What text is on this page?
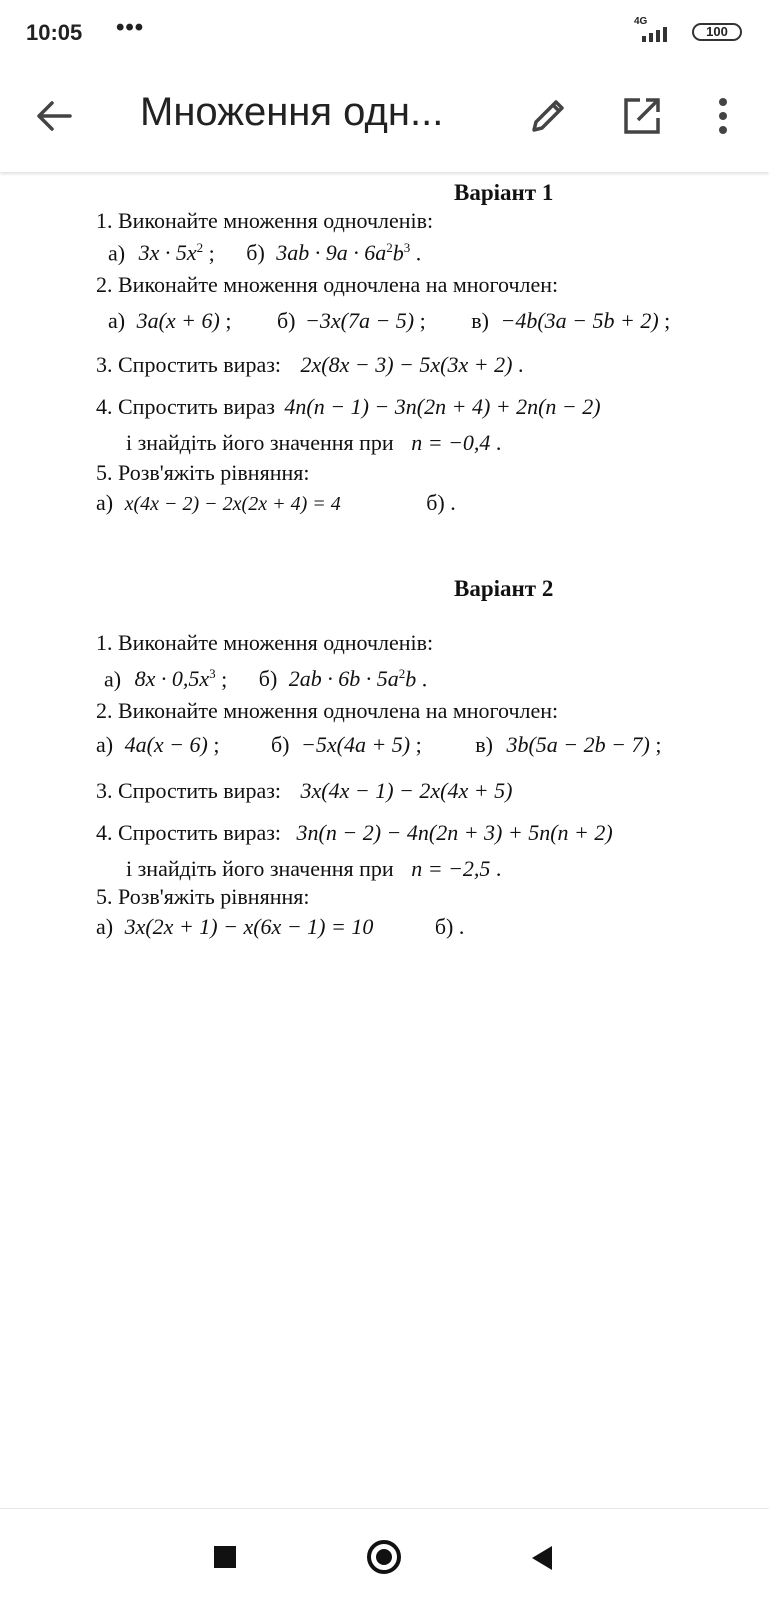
10:05 •••	4G
100
Множення одн...
Варіант 1
1. Виконайте множення одночленів:
а) $3x \cdot 5x^2$ ; б) $3ab \cdot 9a \cdot 6a^2b^3$ .
2. Виконайте множення одночлена на многочлен:
а) 3a(x + 6) ; б) −3x(7a − 5) ; в) −4b(3a − 5b + 2) ;
3. Спростить вираз: 2x(8x − 3) − 5x(3x + 2) .
4. Спростить вираз 4n(n − 1) − 3n(2n + 4) + 2n(n − 2)
і знайдіть його значення при n = −0,4 .
5. Розв'яжіть рівняння:
а) x(4x − 2) − 2x(2x + 4) = 4	б) .
Варіант 2
1. Виконайте множення одночленів:
а) $8x \cdot 0,5x^3$ ; б) $2ab \cdot 6b \cdot 5a^2b$ .
2. Виконайте множення одночлена на многочлен:
а) 4a(x − 6) ; б) −5x(4a + 5) ; в) 3b(5a − 2b − 7) ;
3. Спростить вираз: 3x(4x − 1) − 2x(4x + 5)
4. Спростить вираз: 3n(n − 2) − 4n(2n + 3) + 5n(n + 2)
і знайдіть його значення при n = −2,5 .
5. Розв'яжіть рівняння:
а) 3x(2x + 1) − x(6x − 1) = 10	б) .
